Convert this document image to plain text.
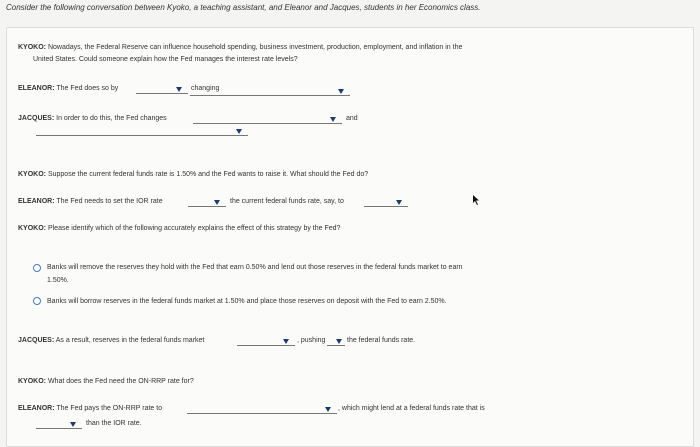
Consider the following conversation between Kyoko, a teaching assistant, and Eleanor and Jacques, students in her Economics class.
KYOKO: Nowadays, the Federal Reserve can influence household spending, business investment, production, employment, and inflation in the
United States. Could someone explain how the Fed manages the interest rate levels?
ELEANOR: The Fed does so by	changing
JACQUES: In order to do this, the Fed changes	and
KYOKO: Suppose the current federal funds rate is 1.50% and the Fed wants to raise it. What should the Fed do?
ELEANOR: The Fed needs to set the IOR rate	the current federal funds rate, say, to
KYOKO: Please identify which of the following accurately explains the effect of this strategy by the Fed?
Banks will remove the reserves they hold with the Fed that earn 0.50% and lend out those reserves in the federal funds market to earn
1.50%.
Banks will borrow reserves in the federal funds market at 1.50% and place those reserves on deposit with the Fed to earn 2.50%.
JACQUES: As a result, reserves in the federal funds market	, pushing	the federal funds rate.
KYOKO: What does the Fed need the ON-RRP rate for?
ELEANOR: The Fed pays the ON-RRP rate to	, which might lend at a federal funds rate that is
than the IOR rate.
